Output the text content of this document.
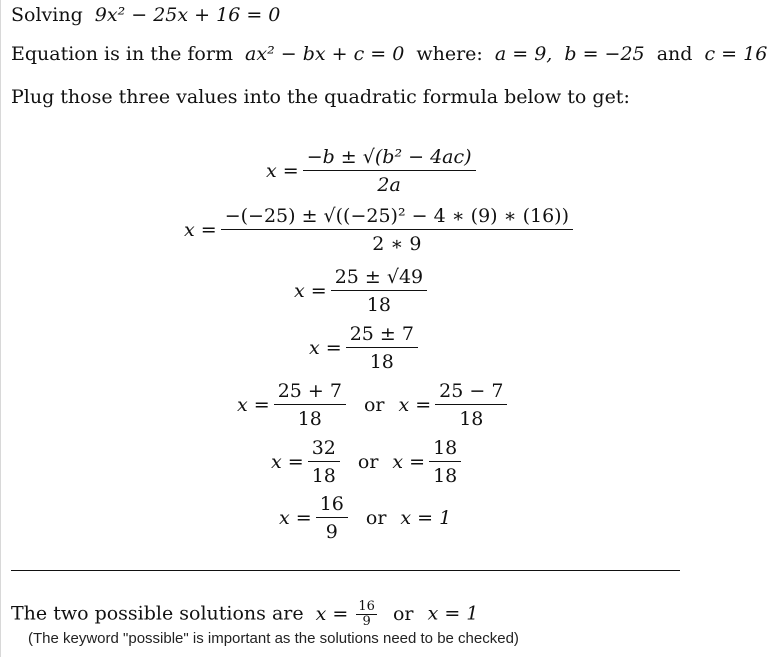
Solving 9x² − 25x + 16 = 0
Equation is in the form ax² − bx + c = 0 where: a = 9, b = −25 and c = 16
Plug those three values into the quadratic formula below to get:
$x = \frac{\text{−b ± √(b² − 4ac)}}{2a}$
$x = \frac{\text{−(−25) ± √((−25)² − 4 ∗ (9) ∗ (16))}}{2 ∗ 9}$
$x = \frac{25 \pm √49}{18}$
$x = \frac{25 \pm 7}{18}$
$x = \frac{25 + 7}{18}$ or $x = \frac{25 - 7}{18}$
$x = \frac{32}{18}$ or $x = \frac{18}{18}$
$x = \frac{16}{9}$ or x = 1
The two possible solutions are $x = \frac{16}{9}$ or x = 1
(The keyword "possible" is important as the solutions need to be checked)
